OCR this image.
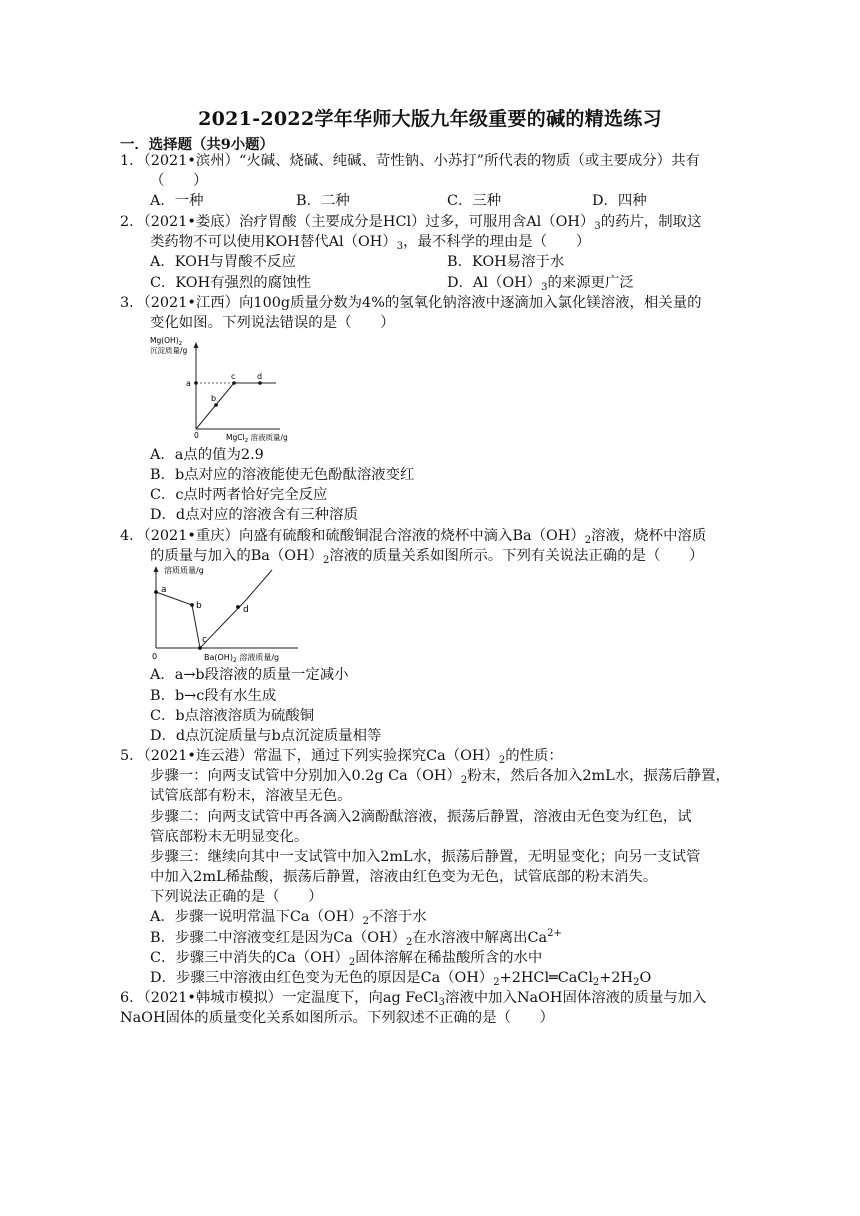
2021-2022学年华师大版九年级重要的碱的精选练习
一．选择题（共9小题）
1．（2021•滨州）“火碱、烧碱、纯碱、苛性钠、小苏打”所代表的物质（或主要成分）共有
（　　）
A．一种	B．二种	C．三种	D．四种
2．（2021•娄底）治疗胃酸（主要成分是HCl）过多，可服用含$Al(OH)_3$的药片，制取这
类药物不可以使用KOH替代$Al(OH)_3$，最不科学的理由是（　　）
A．KOH与胃酸不反应	B．KOH易溶于水
C．KOH有强烈的腐蚀性	D．$Al(OH)_3$的来源更广泛
3．（2021•江西）向100g质量分数为4%的氢氧化钠溶液中逐滴加入氯化镁溶液，相关量的
变化如图。下列说法错误的是（　　）
$Mg(OH)_2$
沉淀质量/g
a
b
c	d
0	MgCl$_2$ 溶液质量/g
A．a点的值为2.9
B．b点对应的溶液能使无色酚酞溶液变红
C．c点时两者恰好完全反应
D．d点对应的溶液含有三种溶质
4．（2021•重庆）向盛有硫酸和硫酸铜混合溶液的烧杯中滴入$Ba(OH)_2$溶液，烧杯中溶质
的质量与加入的$Ba(OH)_2$溶液的质量关系如图所示。下列有关说法正确的是（　　）
溶质质量/g
a
b
c
d
0	$Ba(OH)_2$ 溶液质量/g
A．a→b段溶液的质量一定减小
B．b→c段有水生成
C．b点溶液溶质为硫酸铜
D．d点沉淀质量与b点沉淀质量相等
5．（2021•连云港）常温下，通过下列实验探究$Ca(OH)_2$的性质：
步骤一：向两支试管中分别加入0.2g $Ca(OH)_2$粉末，然后各加入2mL水，振荡后静置，
试管底部有粉末，溶液呈无色。
步骤二：向两支试管中再各滴入2滴酚酞溶液，振荡后静置，溶液由无色变为红色，试
管底部粉末无明显变化。
步骤三：继续向其中一支试管中加入2mL水，振荡后静置，无明显变化；向另一支试管
中加入2mL稀盐酸，振荡后静置，溶液由红色变为无色，试管底部的粉末消失。
下列说法正确的是（　　）
A．步骤一说明常温下$Ca(OH)_2$不溶于水
B．步骤二中溶液变红是因为$Ca(OH)_2$在水溶液中解离出$Ca^{2+}$
C．步骤三中消失的$Ca(OH)_2$固体溶解在稀盐酸所含的水中
D．步骤三中溶液由红色变为无色的原因是$Ca(OH)_2+2HCl═CaCl_2+2H_2O$
6．（2021•韩城市模拟）一定温度下，向ag FeCl$_3$溶液中加入NaOH固体溶液的质量与加入
NaOH固体的质量变化关系如图所示。下列叙述不正确的是（　　）
